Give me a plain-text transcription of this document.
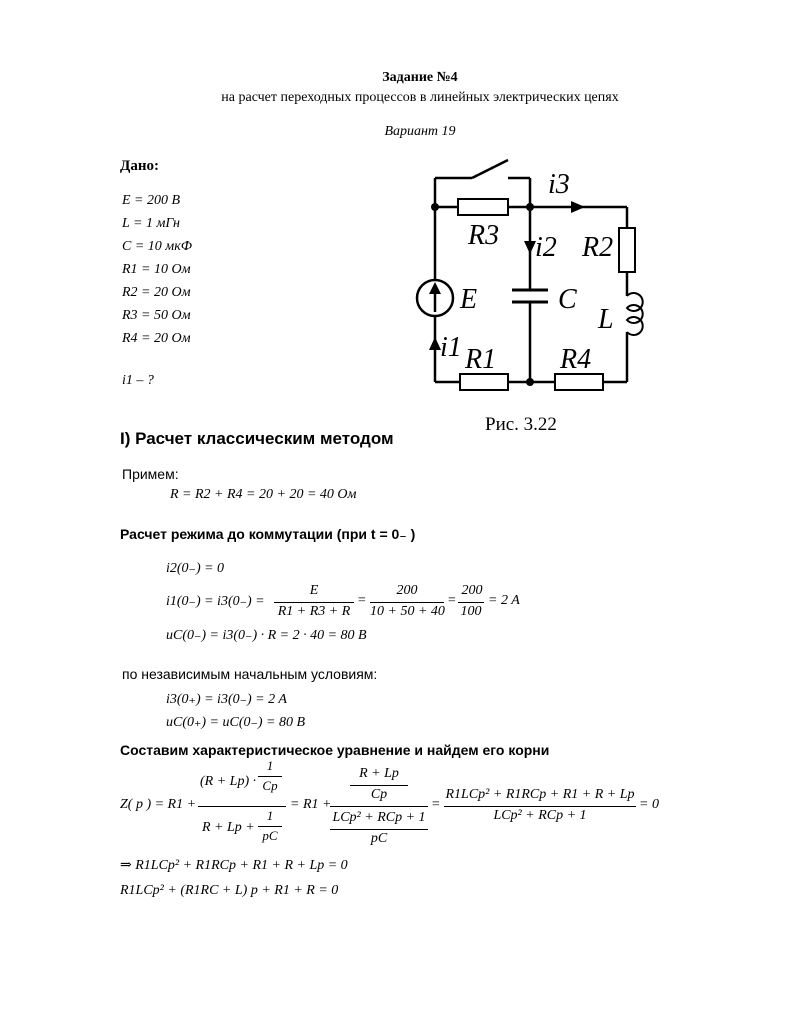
Задание №4
на расчет переходных процессов в линейных электрических цепях
Вариант 19
Дано:
E = 200 В
L = 1 мГн
C = 10 мкФ
R1 = 10 Ом
R2 = 20 Ом
R3 = 50 Ом
R4 = 20 Ом
i1 – ?
i3
R3 i2 R2
E	C
L
i1 R1 R4
Рис. 3.22
I) Расчет классическим методом
Примем:
R = R2 + R4 = 20 + 20 = 40 Ом
Расчет режима до коммутации (при t = 0₋ )
i2(0₋) = 0
i1(0₋) = i3(0₋) =
E
R1 + R3 + R
=
200
10 + 50 + 40
=
200
100
= 2 A
uC(0₋) = i3(0₋) · R = 2 · 40 = 80 B
по независимым начальным условиям:
i3(0₊) = i3(0₋) = 2 A
uC(0₊) = uC(0₋) = 80 B
Составим характеристическое уравнение и найдем его корни
Z( p ) = R1 +
(R + Lp) ·
1
Cp
R + Lp +
1
pC
= R1 +
R + Lp
Cp
LCp² + RCp + 1
pC
=
R1LCp² + R1RCp + R1 + R + Lp
LCp² + RCp + 1
= 0
⇒ R1LCp² + R1RCp + R1 + R + Lp = 0
R1LCp² + (R1RC + L) p + R1 + R = 0
